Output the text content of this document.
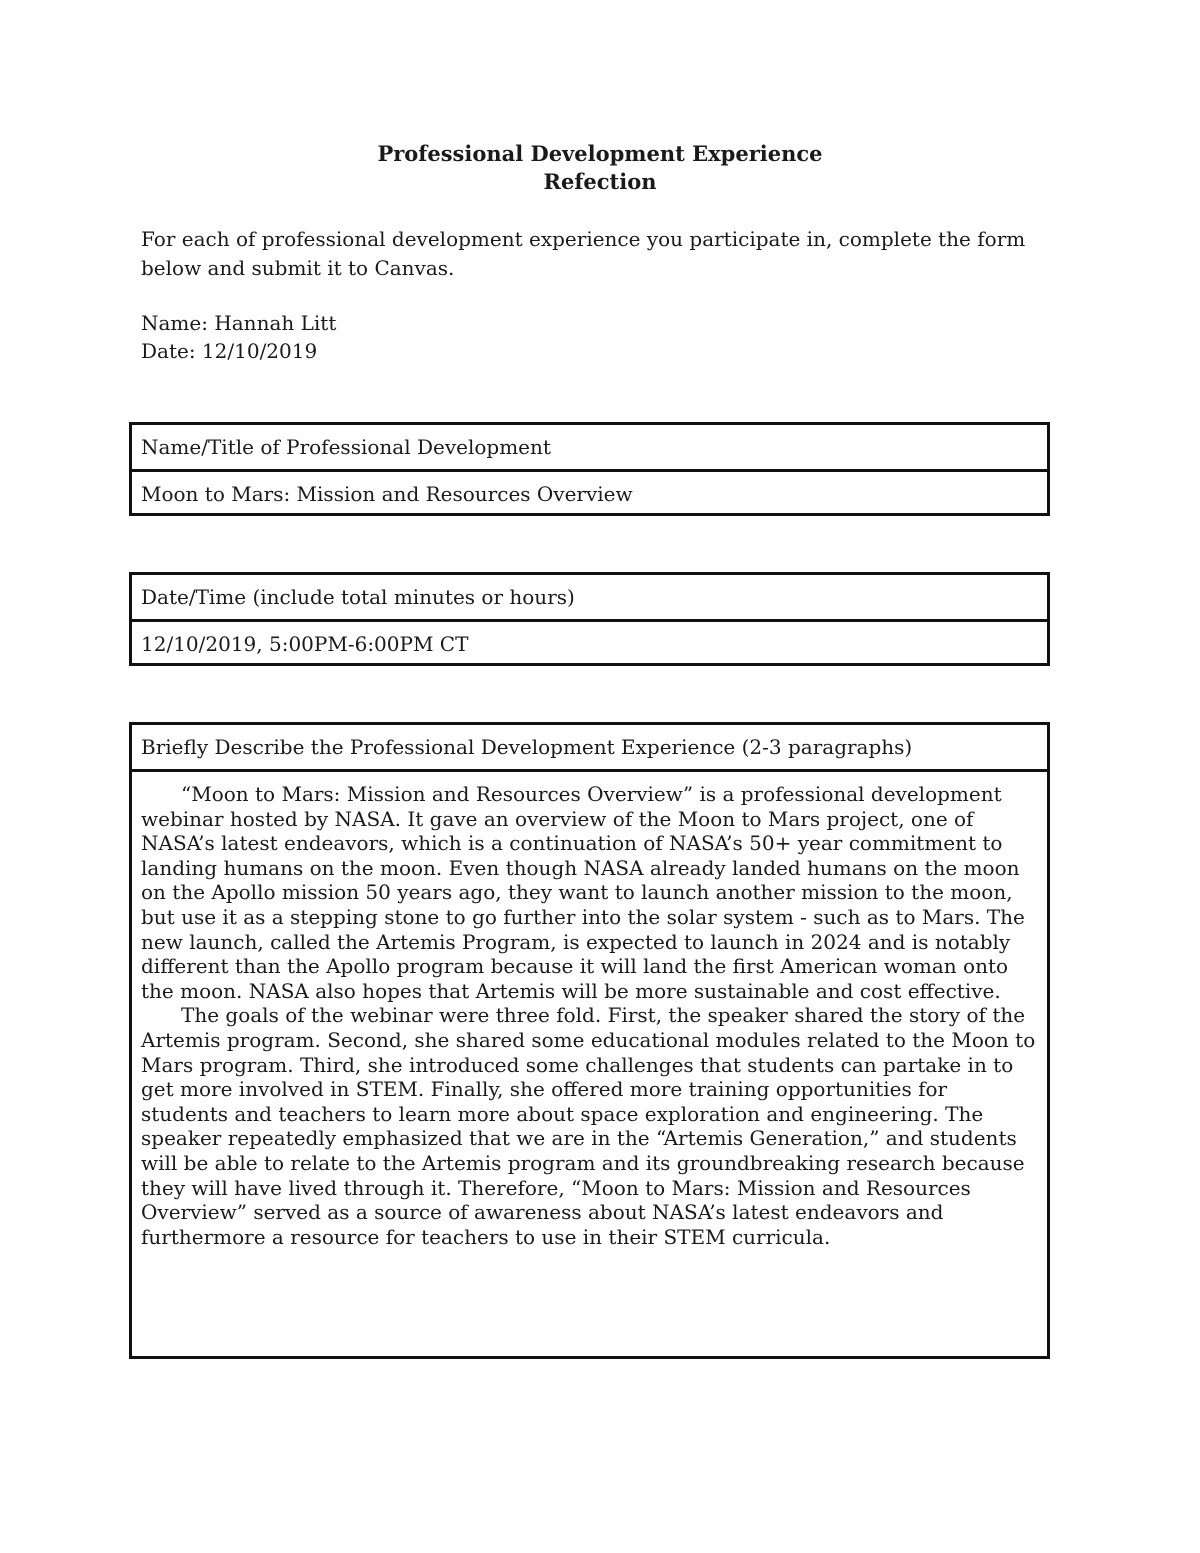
Professional Development Experience
Refection

For each of professional development experience you participate in, complete the form below and submit it to Canvas.

Name: Hannah Litt

Date: 12/10/2019

Name/Title of Professional Development
Moon to Mars: Mission and Resources Overview
Date/Time (include total minutes or hours)
12/10/2019, 5:00PM-6:00PM CT
Briefly Describe the Professional Development Experience (2-3 paragraphs)

“Moon to Mars: Mission and Resources Overview” is a professional development webinar hosted by NASA. It gave an overview of the Moon to Mars project, one of NASA’s latest endeavors, which is a continuation of NASA’s 50+ year commitment to landing humans on the moon. Even though NASA already landed humans on the moon on the Apollo mission 50 years ago, they want to launch another mission to the moon, but use it as a stepping stone to go further into the solar system - such as to Mars. The new launch, called the Artemis Program, is expected to launch in 2024 and is notably different than the Apollo program because it will land the first American woman onto the moon. NASA also hopes that Artemis will be more sustainable and cost effective.

The goals of the webinar were three fold. First, the speaker shared the story of the Artemis program. Second, she shared some educational modules related to the Moon to Mars program. Third, she introduced some challenges that students can partake in to get more involved in STEM. Finally, she offered more training opportunities for students and teachers to learn more about space exploration and engineering. The speaker repeatedly emphasized that we are in the “Artemis Generation,” and students will be able to relate to the Artemis program and its groundbreaking research because they will have lived through it. Therefore, “Moon to Mars: Mission and Resources Overview” served as a source of awareness about NASA’s latest endeavors and furthermore a resource for teachers to use in their STEM curricula.
